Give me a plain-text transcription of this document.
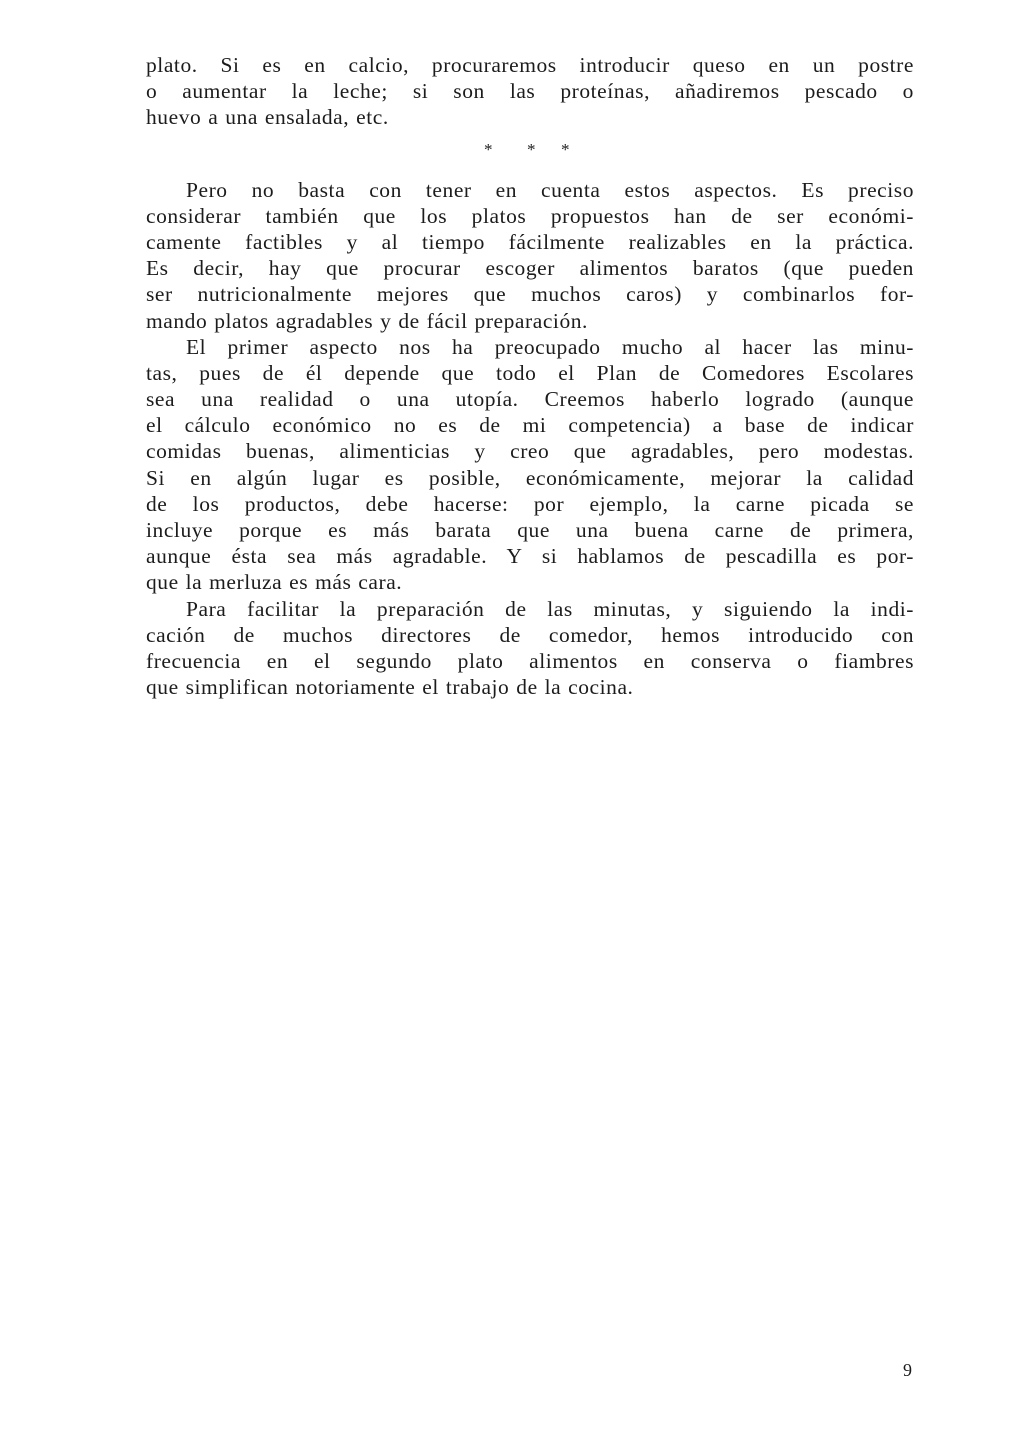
plato. Si es en calcio, procuraremos introducir queso en un postre
o aumentar la leche; si son las proteínas, añadiremos pescado o
huevo a una ensalada, etc.
* * *
Pero no basta con tener en cuenta estos aspectos. Es preciso
considerar también que los platos propuestos han de ser económi-
camente factibles y al tiempo fácilmente realizables en la práctica.
Es decir, hay que procurar escoger alimentos baratos (que pueden
ser nutricionalmente mejores que muchos caros) y combinarlos for-
mando platos agradables y de fácil preparación.
El primer aspecto nos ha preocupado mucho al hacer las minu-
tas, pues de él depende que todo el Plan de Comedores Escolares
sea una realidad o una utopía. Creemos haberlo logrado (aunque
el cálculo económico no es de mi competencia) a base de indicar
comidas buenas, alimenticias y creo que agradables, pero modestas.
Si en algún lugar es posible, económicamente, mejorar la calidad
de los productos, debe hacerse: por ejemplo, la carne picada se
incluye porque es más barata que una buena carne de primera,
aunque ésta sea más agradable. Y si hablamos de pescadilla es por-
que la merluza es más cara.
Para facilitar la preparación de las minutas, y siguiendo la indi-
cación de muchos directores de comedor, hemos introducido con
frecuencia en el segundo plato alimentos en conserva o fiambres
que simplifican notoriamente el trabajo de la cocina.
9
